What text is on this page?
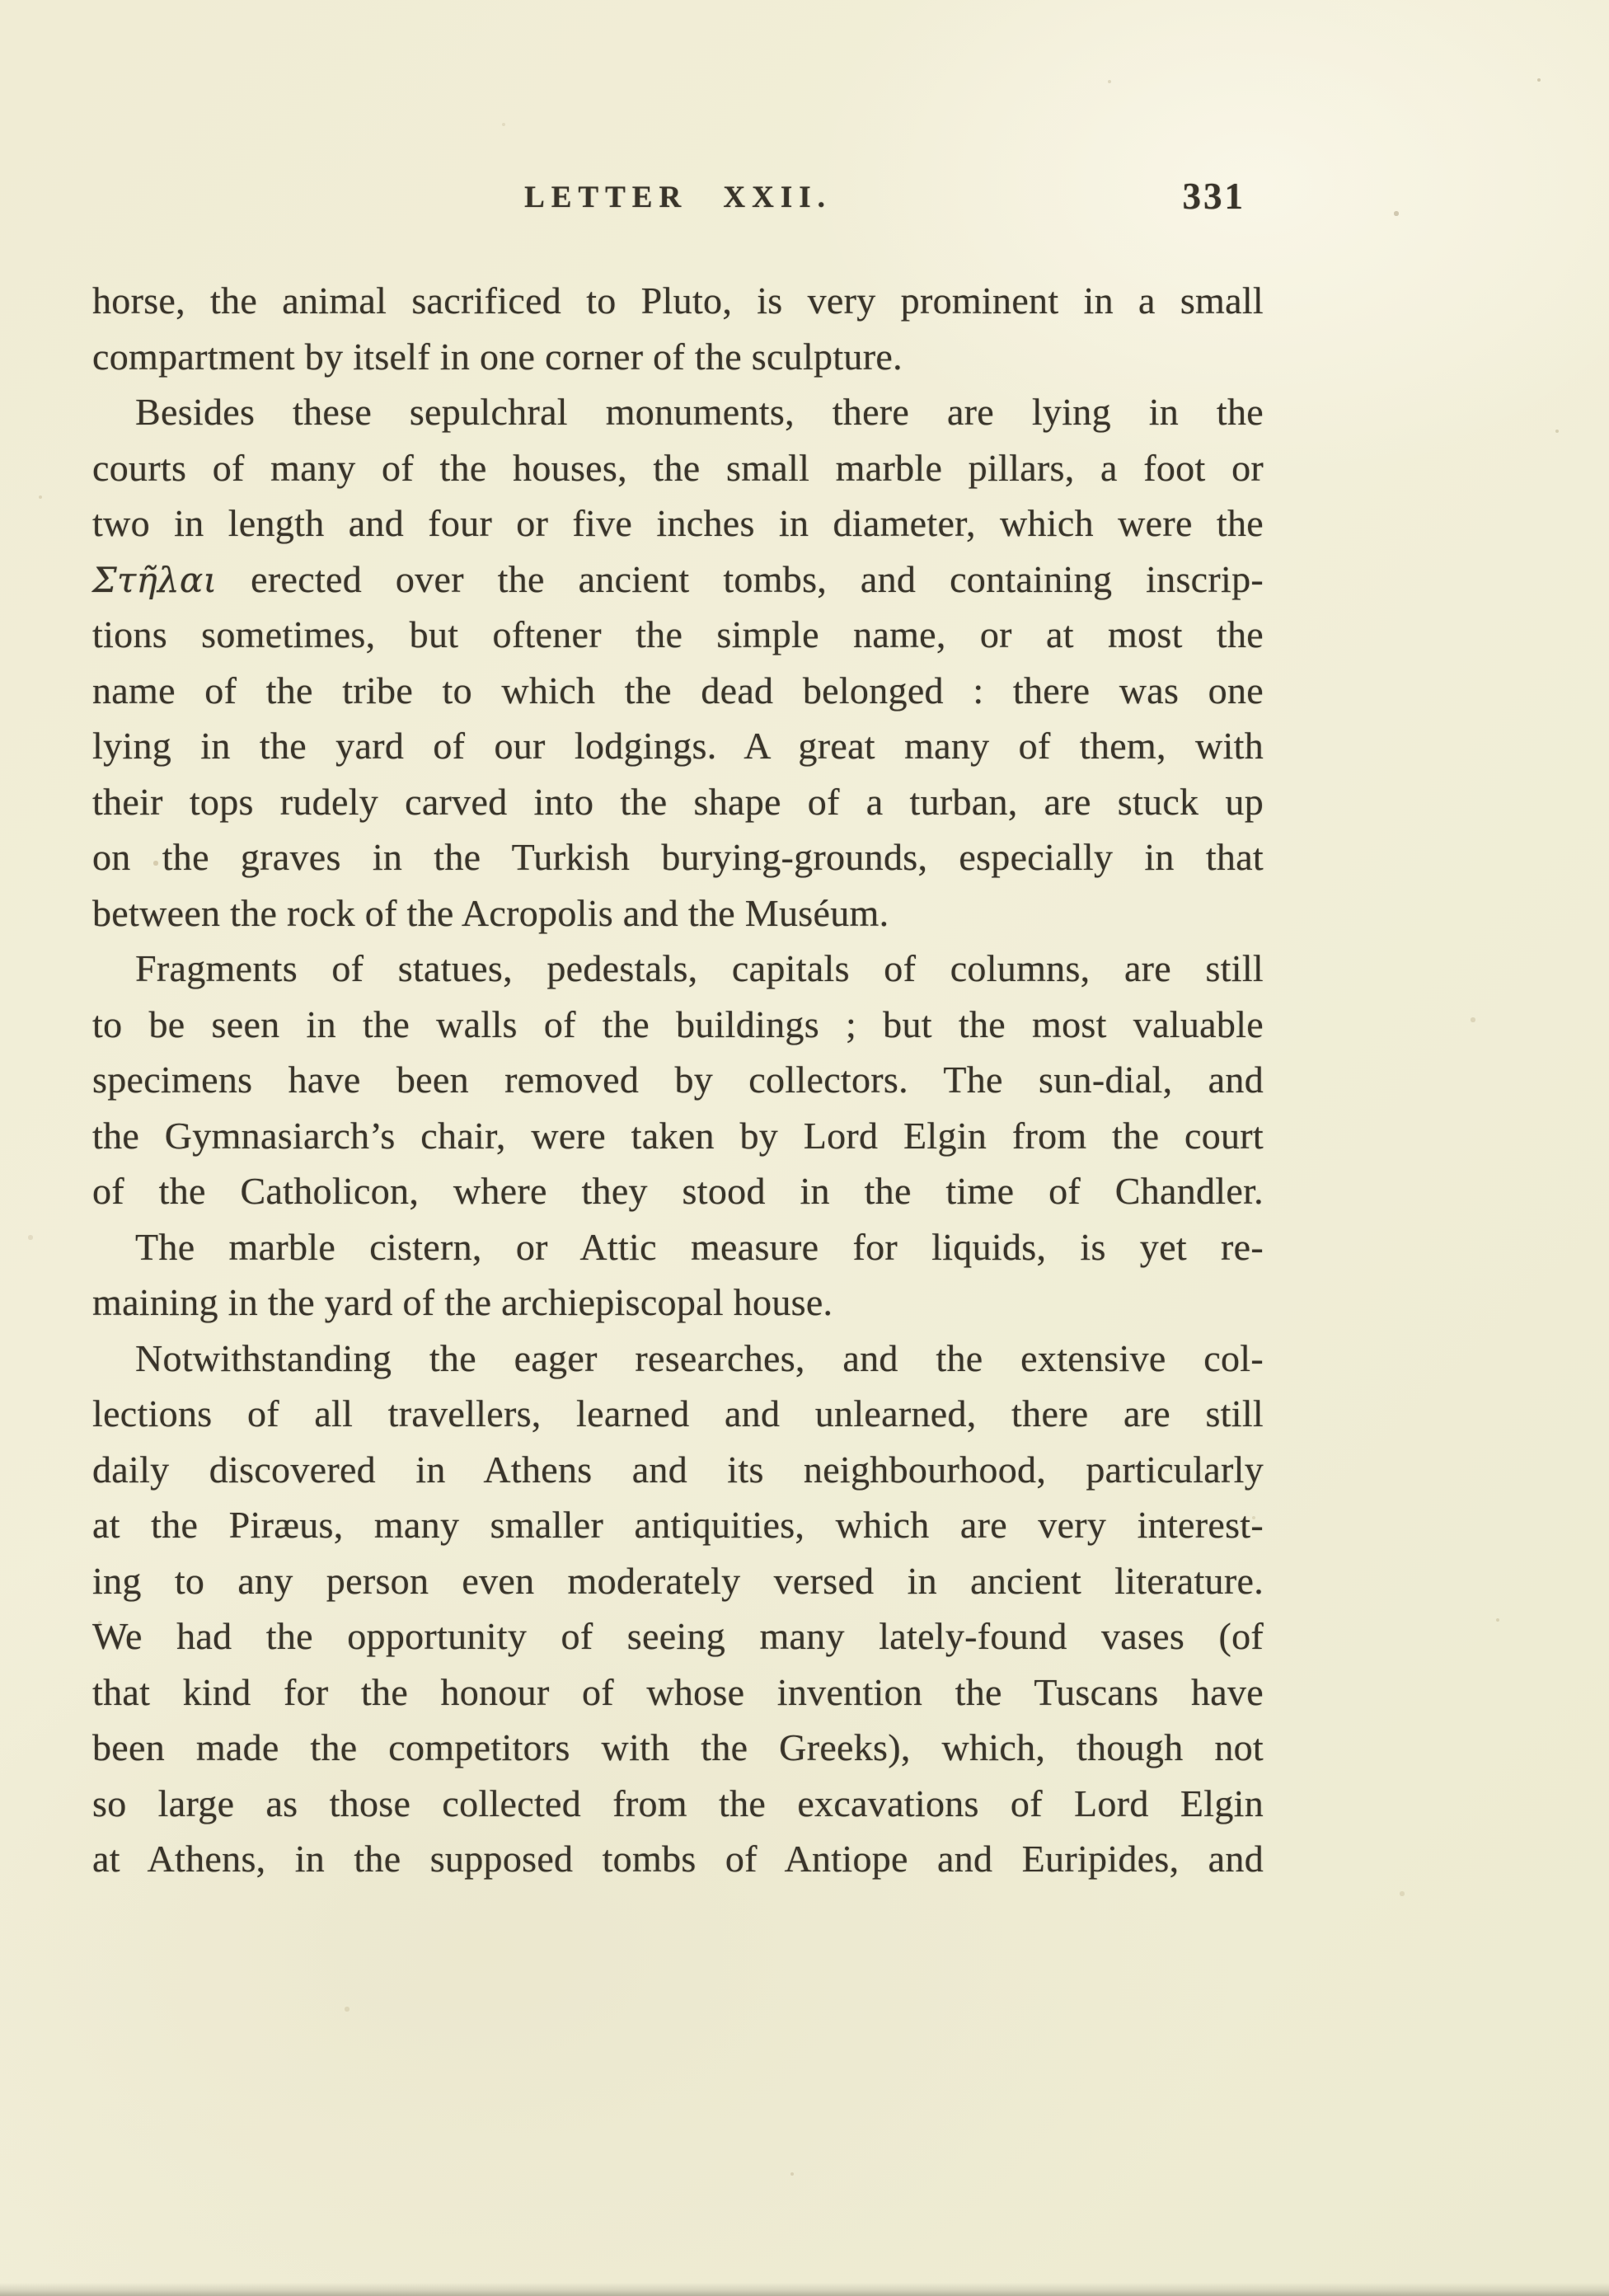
LETTER XXII.	331
horse, the animal sacrificed to Pluto, is very prominent in a small
compartment by itself in one corner of the sculpture.
Besides these sepulchral monuments, there are lying in the
courts of many of the houses, the small marble pillars, a foot or
two in length and four or five inches in diameter, which were the
Στῆλαι erected over the ancient tombs, and containing inscrip-
tions sometimes, but oftener the simple name, or at most the
name of the tribe to which the dead belonged : there was one
lying in the yard of our lodgings. A great many of them, with
their tops rudely carved into the shape of a turban, are stuck up
on the graves in the Turkish burying-grounds, especially in that
between the rock of the Acropolis and the Muséum.
Fragments of statues, pedestals, capitals of columns, are still
to be seen in the walls of the buildings ; but the most valuable
specimens have been removed by collectors. The sun-dial, and
the Gymnasiarch’s chair, were taken by Lord Elgin from the court
of the Catholicon, where they stood in the time of Chandler.
The marble cistern, or Attic measure for liquids, is yet re-
maining in the yard of the archiepiscopal house.
Notwithstanding the eager researches, and the extensive col-
lections of all travellers, learned and unlearned, there are still
daily discovered in Athens and its neighbourhood, particularly
at the Piræus, many smaller antiquities, which are very interest-
ing to any person even moderately versed in ancient literature.
We had the opportunity of seeing many lately-found vases (of
that kind for the honour of whose invention the Tuscans have
been made the competitors with the Greeks), which, though not
so large as those collected from the excavations of Lord Elgin
at Athens, in the supposed tombs of Antiope and Euripides, and
